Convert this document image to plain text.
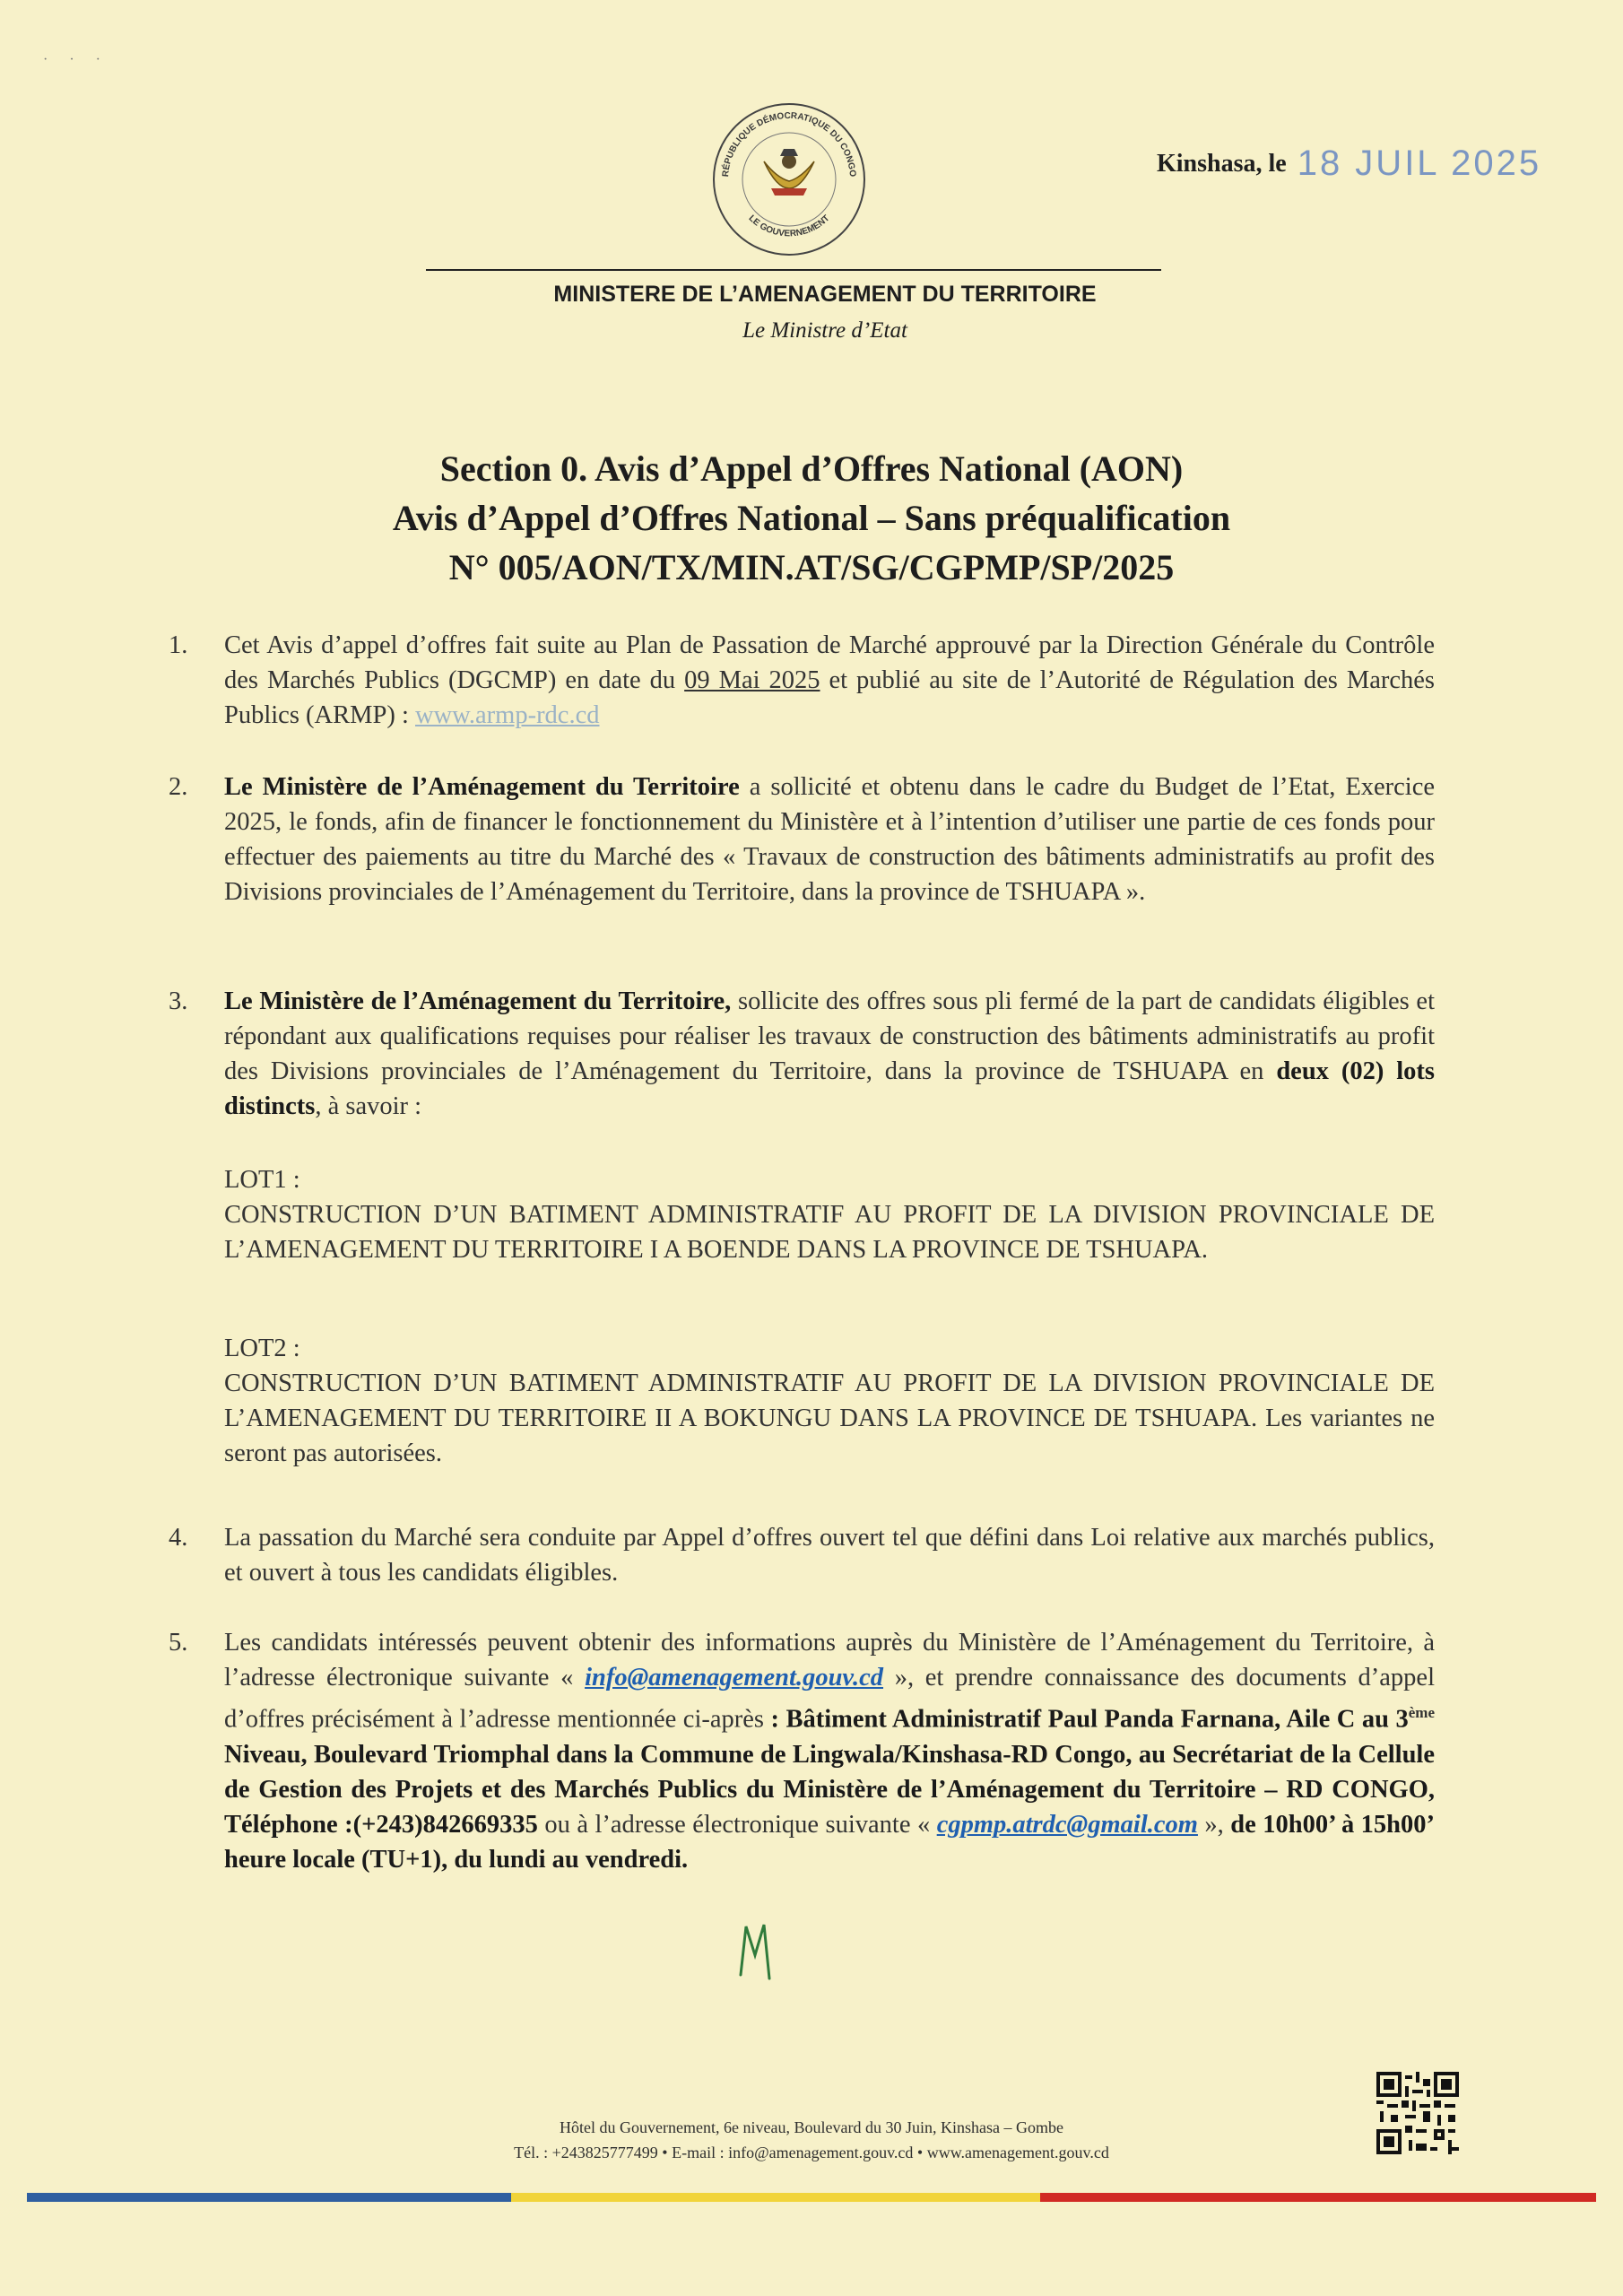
· · ·
RÉPUBLIQUE DÉMOCRATIQUE DU CONGO
LE GOUVERNEMENT
Kinshasa, le 18 JUIL 2025
MINISTERE DE L’AMENAGEMENT DU TERRITOIRE
Le Ministre d’Etat
Section 0. Avis d’Appel d’Offres National (AON)
Avis d’Appel d’Offres National – Sans préqualification
N° 005/AON/TX/MIN.AT/SG/CGPMP/SP/2025
1. Cet Avis d’appel d’offres fait suite au Plan de Passation de Marché approuvé par la Direction Générale du Contrôle des Marchés Publics (DGCMP) en date du 09 Mai 2025 et publié au site de l’Autorité de Régulation des Marchés Publics (ARMP) : www.armp-rdc.cd
2. Le Ministère de l’Aménagement du Territoire a sollicité et obtenu dans le cadre du Budget de l’Etat, Exercice 2025, le fonds, afin de financer le fonctionnement du Ministère et à l’intention d’utiliser une partie de ces fonds pour effectuer des paiements au titre du Marché des « Travaux de construction des bâtiments administratifs au profit des Divisions provinciales de l’Aménagement du Territoire, dans la province de TSHUAPA ».
3. Le Ministère de l’Aménagement du Territoire, sollicite des offres sous pli fermé de la part de candidats éligibles et répondant aux qualifications requises pour réaliser les travaux de construction des bâtiments administratifs au profit des Divisions provinciales de l’Aménagement du Territoire, dans la province de TSHUAPA en deux (02) lots distincts, à savoir :
LOT1 :
CONSTRUCTION D’UN BATIMENT ADMINISTRATIF AU PROFIT DE LA DIVISION PROVINCIALE DE L’AMENAGEMENT DU TERRITOIRE I A BOENDE DANS LA PROVINCE DE TSHUAPA.
LOT2 :
CONSTRUCTION D’UN BATIMENT ADMINISTRATIF AU PROFIT DE LA DIVISION PROVINCIALE DE L’AMENAGEMENT DU TERRITOIRE II A BOKUNGU DANS LA PROVINCE DE TSHUAPA. Les variantes ne seront pas autorisées.
4. La passation du Marché sera conduite par Appel d’offres ouvert tel que défini dans Loi relative aux marchés publics, et ouvert à tous les candidats éligibles.
5. Les candidats intéressés peuvent obtenir des informations auprès du Ministère de l’Aménagement du Territoire, à l’adresse électronique suivante « info@amenagement.gouv.cd », et prendre connaissance des documents d’appel d’offres précisément à l’adresse mentionnée ci-après : Bâtiment Administratif Paul Panda Farnana, Aile C au 3ème Niveau, Boulevard Triomphal dans la Commune de Lingwala/Kinshasa-RD Congo, au Secrétariat de la Cellule de Gestion des Projets et des Marchés Publics du Ministère de l’Aménagement du Territoire – RD CONGO, Téléphone :(+243)842669335 ou à l’adresse électronique suivante « cgpmp.atrdc@gmail.com », de 10h00’ à 15h00’ heure locale (TU+1), du lundi au vendredi.
Hôtel du Gouvernement, 6e niveau, Boulevard du 30 Juin, Kinshasa – Gombe
Tél. : +243825777499 • E-mail : info@amenagement.gouv.cd • www.amenagement.gouv.cd
